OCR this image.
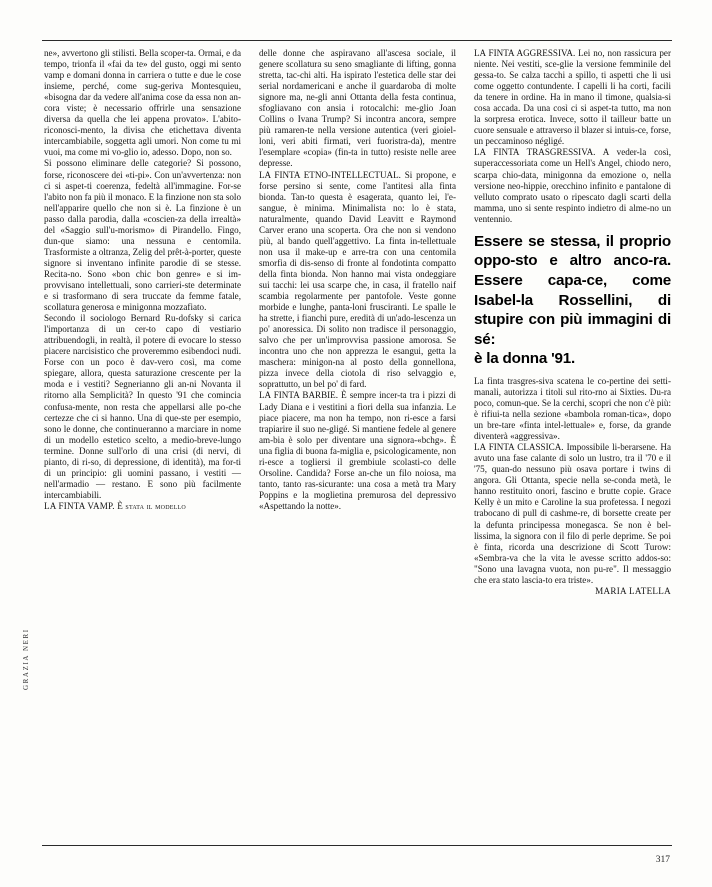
ne», avvertono gli stilisti. Bella scoper-ta. Ormai, e da tempo, trionfa il «fai da te» del gusto, oggi mi sento vamp e domani donna in carriera o tutte e due le cose insieme, perché, come sug-geriva Montesquieu, «bisogna dar da vedere all'anima cose da essa non an-cora viste; è necessario offrirle una sensazione diversa da quella che lei appena provato». L'abito-riconosci-mento, la divisa che etichettava diventa intercambiabile, soggetta agli umori. Non come tu mi vuoi, ma come mi vo-glio io, adesso. Dopo, non so.

Si possono eliminare delle categorie? Si possono, forse, riconoscere dei «ti-pi». Con un'avvertenza: non ci si aspet-ti coerenza, fedeltà all'immagine. For-se l'abito non fa più il monaco. E la finzione non sta solo nell'apparire quello che non si è. La finzione è un passo dalla parodia, dalla «coscien-za della irrealtà» del «Saggio sull'u-morismo» di Pirandello. Fingo, dun-que siamo: una nessuna e centomila. Trasformiste a oltranza, Zelig del prêt-à-porter, queste signore si inventano infinite parodie di se stesse. Recita-no. Sono «bon chic bon genre» e si im-provvisano intellettuali, sono carrieri-ste determinate e si trasformano di sera truccate da femme fatale, scollatura generosa e minigonna mozzafiato.

Secondo il sociologo Bernard Ru-dofsky si carica l'importanza di un cer-to capo di vestiario attribuendogli, in realtà, il potere di evocare lo stesso piacere narcisistico che proveremmo esibendoci nudi. Forse con un poco è dav-vero così, ma come spiegare, allora, questa saturazione crescente per la moda e i vestiti? Segnerianno gli an-ni Novanta il ritorno alla Semplicità? In questo '91 che comincia confusa-mente, non resta che appellarsi alle po-che certezze che ci si hanno. Una di que-ste per esempio, sono le donne, che continueranno a marciare in nome di un modello estetico scelto, a medio-breve-lungo termine. Donne sull'orlo di una crisi (di nervi, di pianto, di ri-so, di depressione, di identità), ma for-ti di un principio: gli uomini passano, i vestiti — nell'armadio — restano. E sono più facilmente intercambiabili.

LA FINTA VAMP. È stata il modello

delle donne che aspiravano all'ascesa sociale, il genere scollatura su seno smagliante di lifting, gonna stretta, tac-chi alti. Ha ispirato l'estetica delle star dei serial nordamericani e anche il guardaroba di molte signore ma, ne-gli anni Ottanta della festa continua, sfogliavano con ansia i rotocalchi: me-glio Joan Collins o Ivana Trump? Si incontra ancora, sempre più ramaren-te nella versione autentica (veri gioiel-loni, veri abiti firmati, veri fuoristra-da), mentre l'esemplare «copia» (fin-ta in tutto) resiste nelle aree depresse.

LA FINTA ETNO-INTELLECTUAL. Si propone, e forse persino si sente, come l'antitesi alla finta bionda. Tan-to questa è esagerata, quanto lei, l'e-sangue, è minima. Minimalista no: lo è stata, naturalmente, quando David Leavitt e Raymond Carver erano una scoperta. Ora che non si vendono più, al bando quell'aggettivo. La finta in-tellettuale non usa il make-up e arre-tra con una centomila smorfia di dis-senso di fronte al fondotinta compatto della finta bionda. Non hanno mai vista ondeggiare sui tacchi: lei usa scarpe che, in casa, il fratello naif scambia regolarmente per pantofole. Veste gonne morbide e lunghe, panta-loni frusciranti. Le spalle le ha strette, i fianchi pure, eredità di un'ado-lescenza un po' anoressica. Di solito non tradisce il personaggio, salvo che per un'improvvisa passione amorosa. Se incontra uno che non apprezza le esangui, getta la maschera: minigon-na al posto della gonnellona, pizza invece della ciotola di riso selvaggio e, soprattutto, un bel po' di fard.

LA FINTA BARBIE. È sempre incer-ta tra i pizzi di Lady Diana e i vestitini a fiori della sua infanzia. Le piace piacere, ma non ha tempo, non ri-esce a farsi trapiarire il suo ne-gligé. Si mantiene fedele al genere am-bia è solo per diventare una signora-«bchg». È una figlia di buona fa-miglia e, psicologicamente, non ri-esce a togliersi il grembiule scolasti-co delle Orsoline. Candida? Forse an-che un filo noiosa, ma tanto, tanto ras-sicurante: una cosa a metà tra Mary Poppins e la moglietina premurosa del depressivo «Aspettando la notte».

LA FINTA AGGRESSIVA. Lei no, non rassicura per niente. Nei vestiti, sce-glie la versione femminile del gessa-to. Se calza tacchi a spillo, ti aspetti che li usi come oggetto contundente. I capelli li ha corti, facili da tenere in ordine. Ha in mano il timone, qualsia-si cosa accada. Da una così ci si aspet-ta tutto, ma non la sorpresa erotica. Invece, sotto il tailleur batte un cuore sensuale e attraverso il blazer si intuis-ce, forse, un peccaminoso négligé.

LA FINTA TRASGRESSIVA. A veder-la così, superaccessoriata come un Hell's Angel, chiodo nero, scarpa chio-data, minigonna da emozione o, nella versione neo-hippie, orecchino infinito e pantalone di velluto comprato usato o ripescato dagli scarti della mamma, uno si sente respinto indietro di alme-no un ventennio.

Essere se stessa, il proprio oppo-sto e altro anco-ra. Essere capa-ce, come Isabel-la Rossellini, di stupire con più immagini di sé:
è la donna '91.

La finta trasgres-siva scatena le co-pertine dei setti-manali, autorizza i titoli sul rito-rno ai Sixties. Du-ra poco, comun-que. Se la cerchi, scopri che non c'è più: è rifiui-ta nella sezione «bambola roman-tica», dopo un bre-tare «finta intel-lettuale» e, forse, da grande diventerà «aggressiva».

LA FINTA CLASSICA. Impossibile li-berarsene. Ha avuto una fase calante di solo un lustro, tra il '70 e il '75, quan-do nessuno più osava portare i twins di angora. Gli Ottanta, specie nella se-conda metà, le hanno restituito onori, fascino e brutte copie. Grace Kelly è un mito e Caroline la sua profetessa. I negozi trabocano di pull di cashme-re, di borsette create per la defunta principessa monegasca. Se non è bel-lissima, la signora con il filo di perle deprime. Se poi è finta, ricorda una descrizione di Scott Turow: «Sembra-va che la vita le avesse scritto addos-so: "Sono una lavagna vuota, non pu-re". Il messaggio che era stato lascia-to era triste».

MARIA LATELLA

GRAZIA NERI
317
